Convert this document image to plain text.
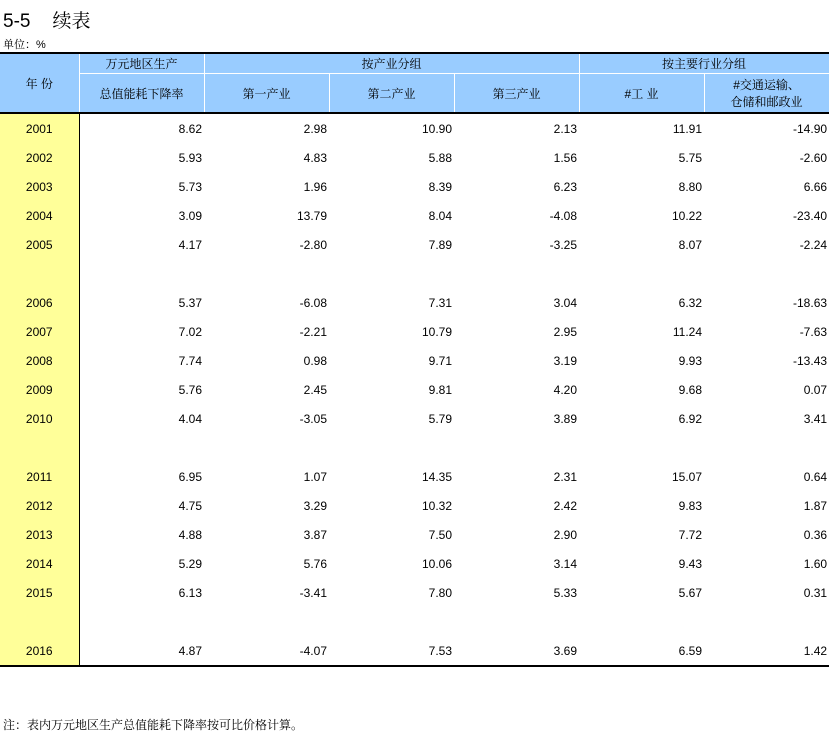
5-5 续表
单位：%
年 份	万元地区生产	按产业分组			按主要行业分组	
	总值能耗下降率	第一产业	第二产业	第三产业	#工 业	#交通运输、
仓储和邮政业

2001	8.62	2.98	10.90	2.13	11.91	-14.90
2002	5.93	4.83	5.88	1.56	5.75	-2.60
2003	5.73	1.96	8.39	6.23	8.80	6.66
2004	3.09	13.79	8.04	-4.08	10.22	-23.40
2005	4.17	-2.80	7.89	-3.25	8.07	-2.24

2006	5.37	-6.08	7.31	3.04	6.32	-18.63
2007	7.02	-2.21	10.79	2.95	11.24	-7.63
2008	7.74	0.98	9.71	3.19	9.93	-13.43
2009	5.76	2.45	9.81	4.20	9.68	0.07
2010	4.04	-3.05	5.79	3.89	6.92	3.41

2011	6.95	1.07	14.35	2.31	15.07	0.64
2012	4.75	3.29	10.32	2.42	9.83	1.87
2013	4.88	3.87	7.50	2.90	7.72	0.36
2014	5.29	5.76	10.06	3.14	9.43	1.60
2015	6.13	-3.41	7.80	5.33	5.67	0.31

2016	4.87	-4.07	7.53	3.69	6.59	1.42
注：表内万元地区生产总值能耗下降率按可比价格计算。
